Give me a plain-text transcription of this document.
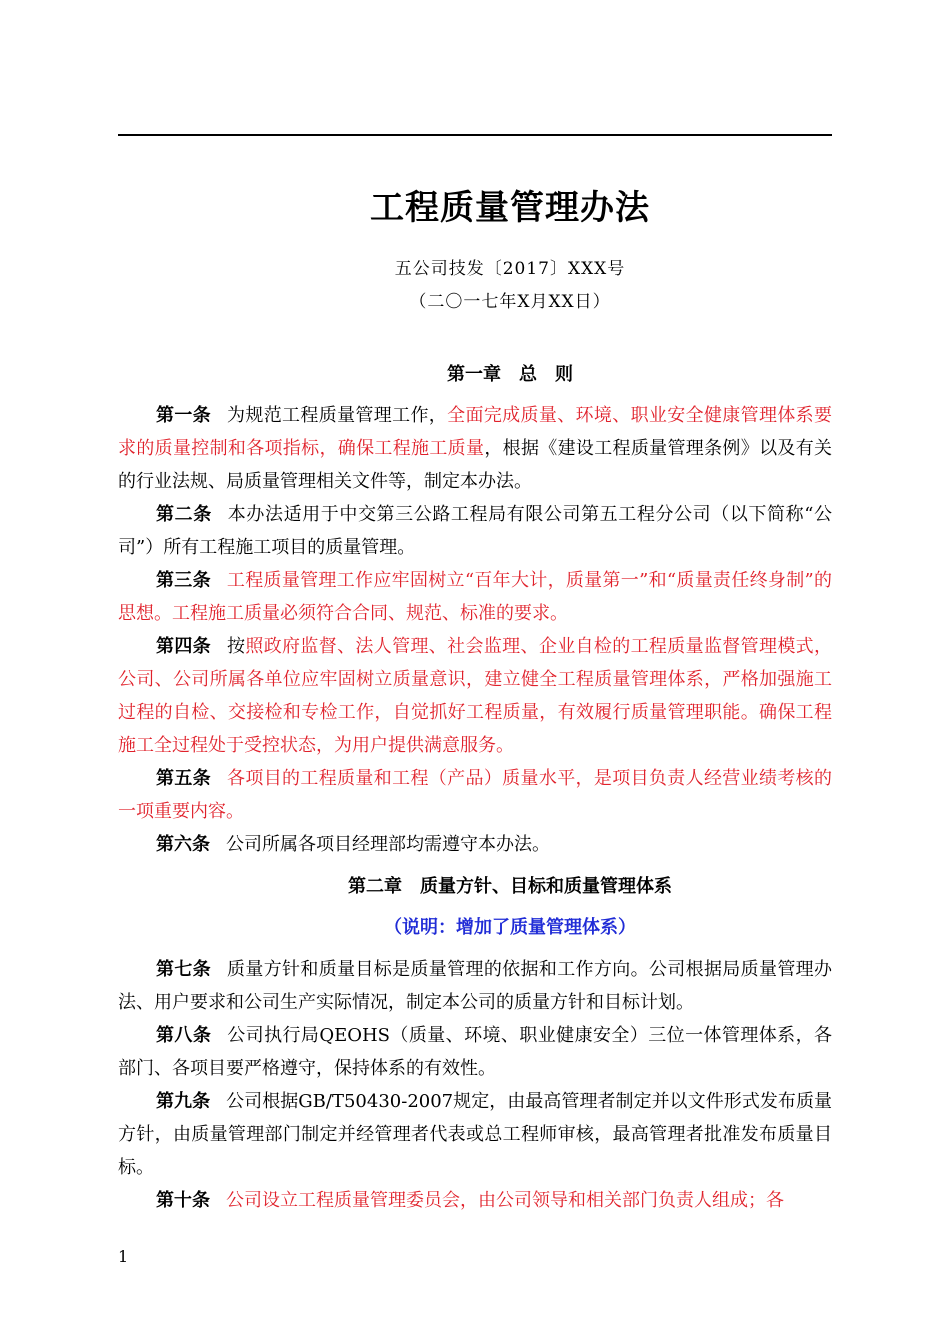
工程质量管理办法
五公司技发〔2017〕XXX号
（二〇一七年X月XX日）
第一章　总　则

第一条 为规范工程质量管理工作，全面完成质量、环境、职业安全健康管理体系要求的质量控制和各项指标，确保工程施工质量，根据《建设工程质量管理条例》以及有关的行业法规、局质量管理相关文件等，制定本办法。

第二条 本办法适用于中交第三公路工程局有限公司第五工程分公司（以下简称“公司”）所有工程施工项目的质量管理。

第三条 工程质量管理工作应牢固树立“百年大计，质量第一”和“质量责任终身制”的思想。工程施工质量必须符合合同、规范、标准的要求。

第四条 按照政府监督、法人管理、社会监理、企业自检的工程质量监督管理模式，公司、公司所属各单位应牢固树立质量意识，建立健全工程质量管理体系，严格加强施工过程的自检、交接检和专检工作，自觉抓好工程质量，有效履行质量管理职能。确保工程施工全过程处于受控状态，为用户提供满意服务。

第五条 各项目的工程质量和工程（产品）质量水平，是项目负责人经营业绩考核的一项重要内容。

第六条 公司所属各项目经理部均需遵守本办法。

第二章　质量方针、目标和质量管理体系
（说明：增加了质量管理体系）

第七条 质量方针和质量目标是质量管理的依据和工作方向。公司根据局质量管理办法、用户要求和公司生产实际情况，制定本公司的质量方针和目标计划。

第八条 公司执行局QEOHS（质量、环境、职业健康安全）三位一体管理体系，各部门、各项目要严格遵守，保持体系的有效性。

第九条 公司根据GB/T50430-2007规定，由最高管理者制定并以文件形式发布质量方针，由质量管理部门制定并经管理者代表或总工程师审核，最高管理者批准发布质量目标。

第十条 公司设立工程质量管理委员会，由公司领导和相关部门负责人组成；各

1
